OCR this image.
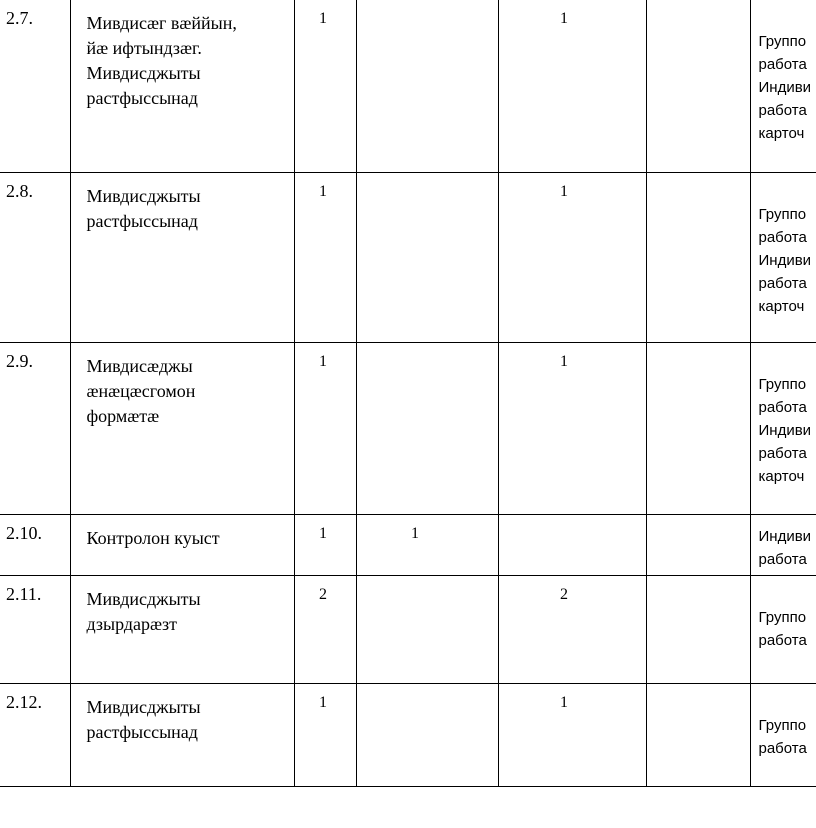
2.7.	Мивдисæг вæййын,
йæ ифтындзæг.
Мивдисджыты
растфыссынад	1		1		Группо
работа
Индиви
работа
карточ

2.8.	Мивдисджыты
растфыссынад	1		1		Группо
работа
Индиви
работа
карточ

2.9.	Мивдисæджы
æнæцæсгомон
формæтæ	1		1		Группо
работа
Индиви
работа
карточ

2.10.	Контролон куыст	1	1			Индиви
работа

2.11.	Мивдисджыты
дзырдарæзт	2		2		Группо
работа

2.12.	Мивдисджыты
растфыссынад	1		1		Группо
работа
